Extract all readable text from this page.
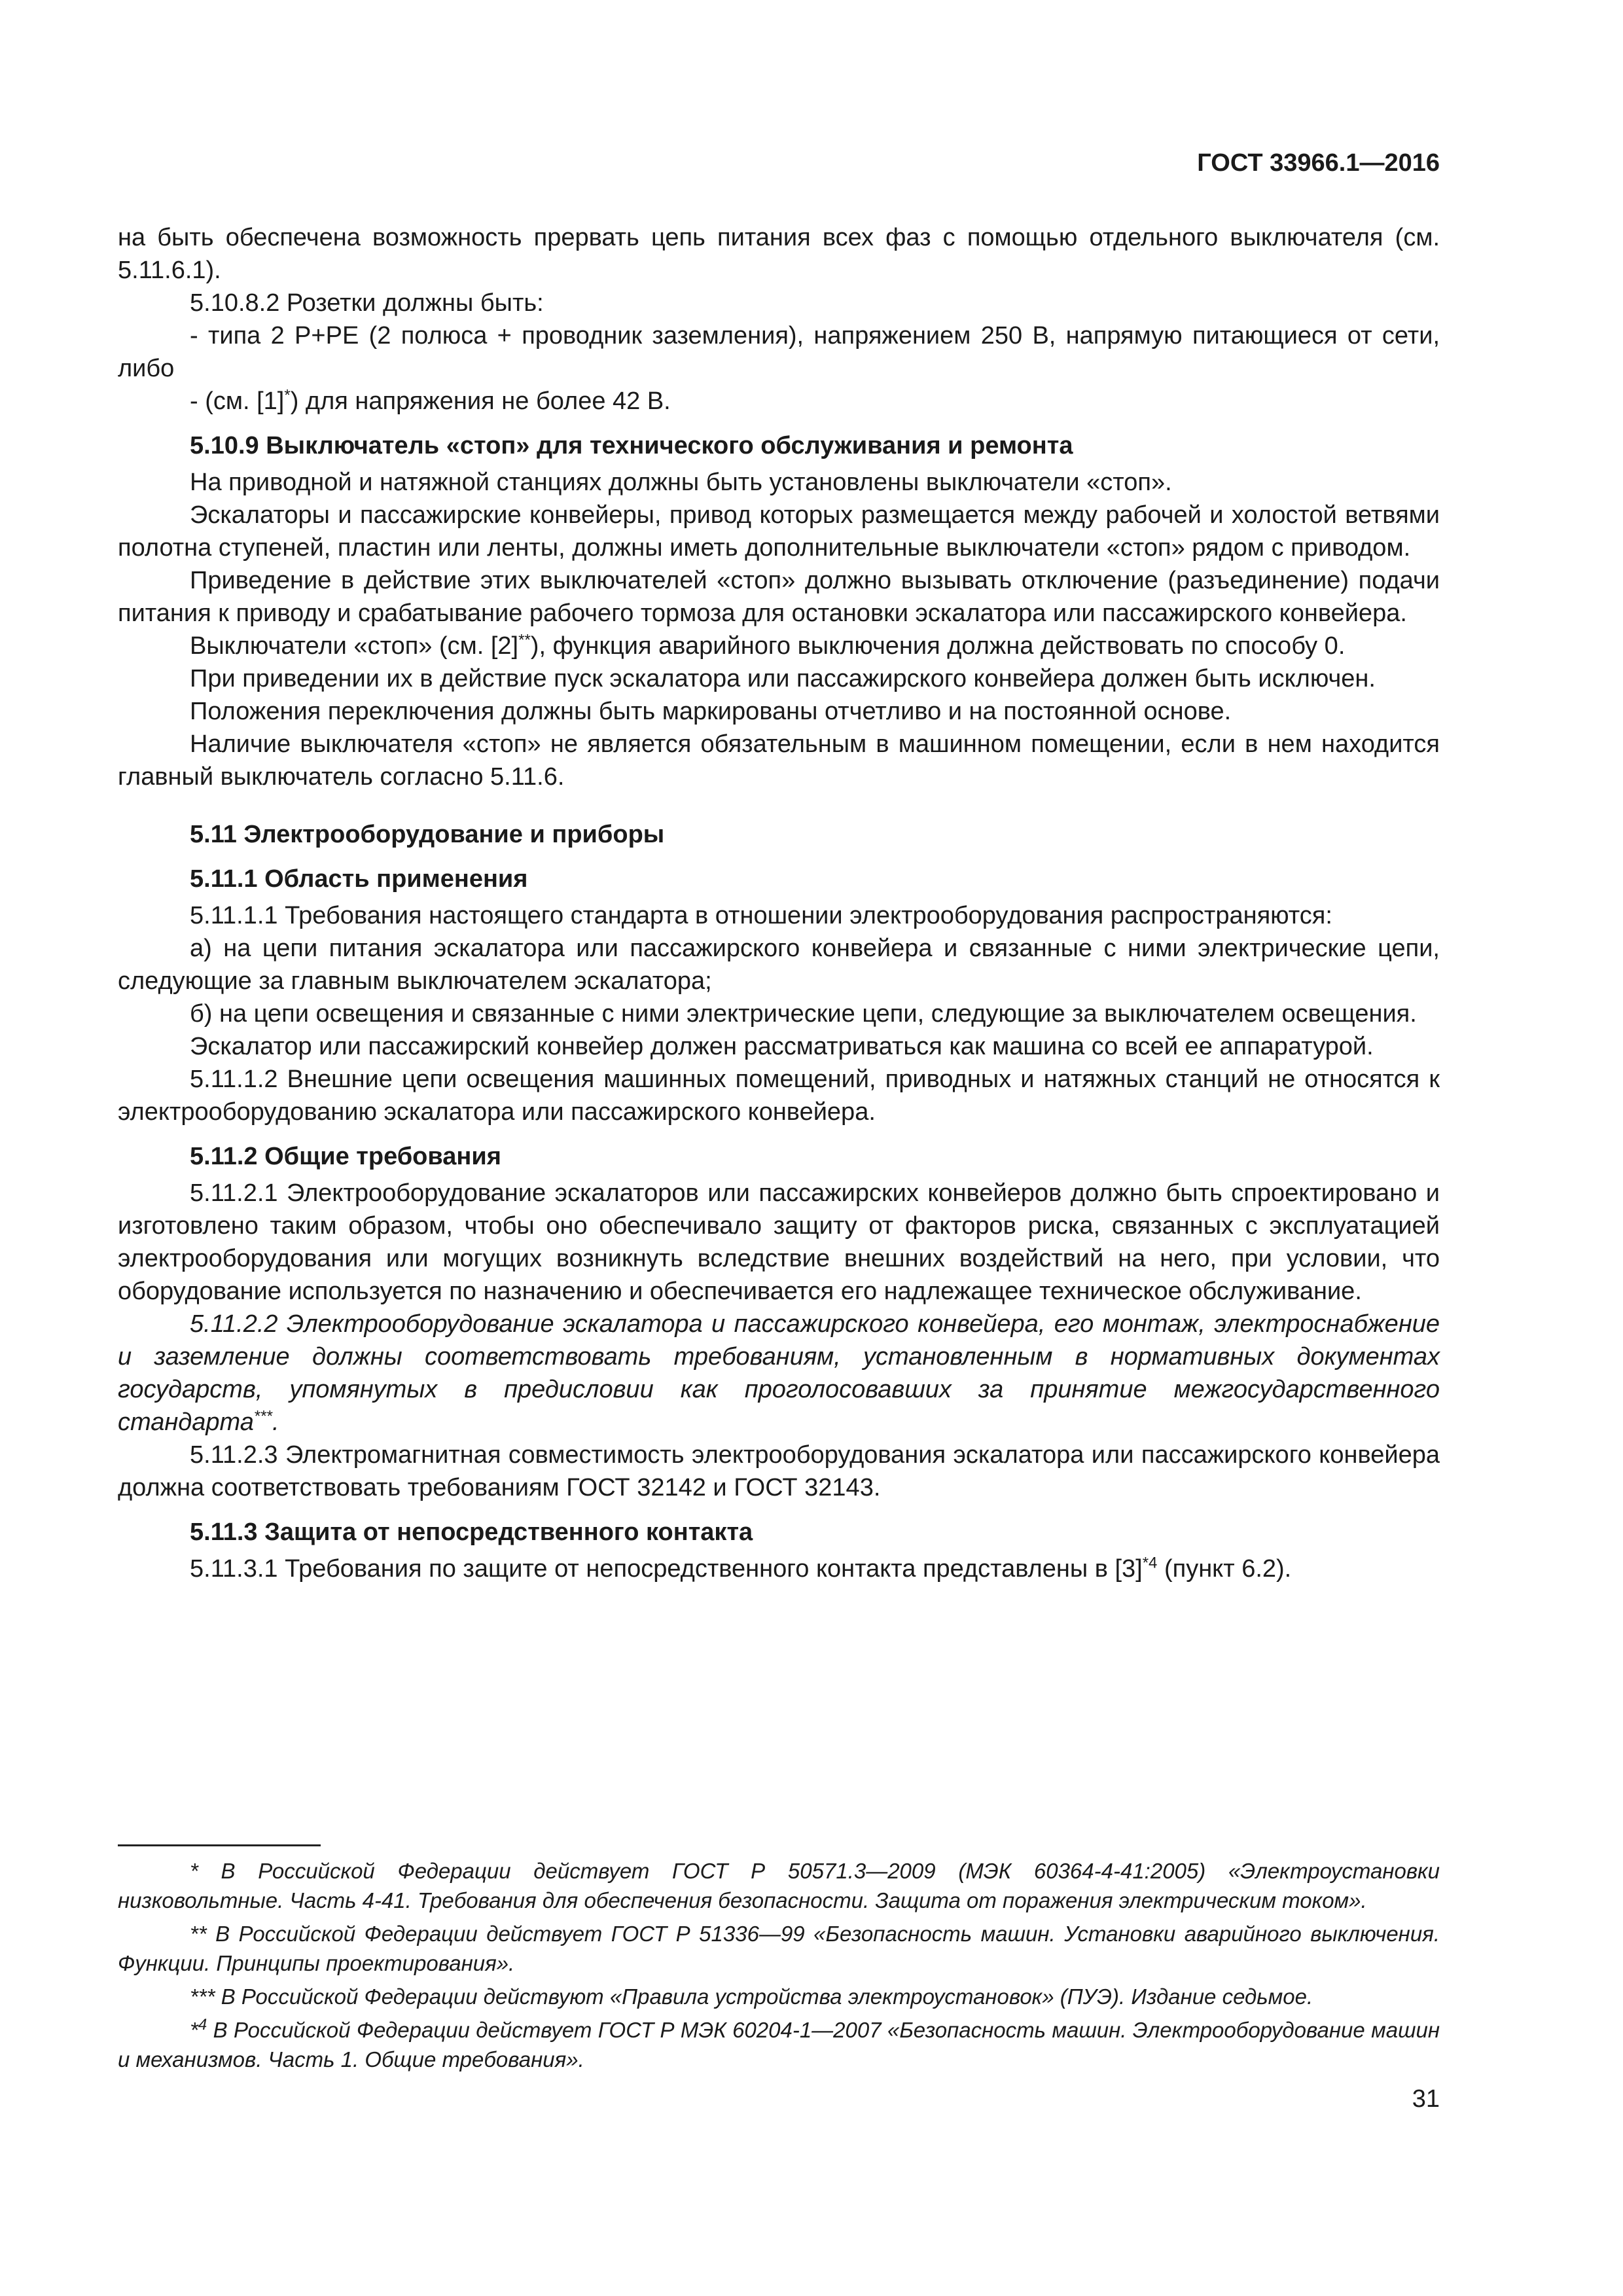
ГОСТ 33966.1—2016

на быть обеспечена возможность прервать цепь питания всех фаз с помощью отдельного выключателя (см. 5.11.6.1).

5.10.8.2 Розетки должны быть:

- типа 2 Р+РЕ (2 полюса + проводник заземления), напряжением 250 В, напрямую питающиеся от сети, либо

- (см. [1]*) для напряжения не более 42 В.

5.10.9 Выключатель «стоп» для технического обслуживания и ремонта

На приводной и натяжной станциях должны быть установлены выключатели «стоп».

Эскалаторы и пассажирские конвейеры, привод которых размещается между рабочей и холостой ветвями полотна ступеней, пластин или ленты, должны иметь дополнительные выключатели «стоп» рядом с приводом.

Приведение в действие этих выключателей «стоп» должно вызывать отключение (разъединение) подачи питания к приводу и срабатывание рабочего тормоза для остановки эскалатора или пассажирского конвейера.

Выключатели «стоп» (см. [2]**), функция аварийного выключения должна действовать по способу 0.

При приведении их в действие пуск эскалатора или пассажирского конвейера должен быть исключен.

Положения переключения должны быть маркированы отчетливо и на постоянной основе.

Наличие выключателя «стоп» не является обязательным в машинном помещении, если в нем находится главный выключатель согласно 5.11.6.

5.11 Электрооборудование и приборы

5.11.1 Область применения

5.11.1.1 Требования настоящего стандарта в отношении электрооборудования распространяются:

а) на цепи питания эскалатора или пассажирского конвейера и связанные с ними электрические цепи, следующие за главным выключателем эскалатора;

б) на цепи освещения и связанные с ними электрические цепи, следующие за выключателем освещения.

Эскалатор или пассажирский конвейер должен рассматриваться как машина со всей ее аппаратурой.

5.11.1.2 Внешние цепи освещения машинных помещений, приводных и натяжных станций не относятся к электрооборудованию эскалатора или пассажирского конвейера.

5.11.2 Общие требования

5.11.2.1 Электрооборудование эскалаторов или пассажирских конвейеров должно быть спроектировано и изготовлено таким образом, чтобы оно обеспечивало защиту от факторов риска, связанных с эксплуатацией электрооборудования или могущих возникнуть вследствие внешних воздействий на него, при условии, что оборудование используется по назначению и обеспечивается его надлежащее техническое обслуживание.

5.11.2.2 Электрооборудование эскалатора и пассажирского конвейера, его монтаж, электроснабжение и заземление должны соответствовать требованиям, установленным в нормативных документах государств, упомянутых в предисловии как проголосовавших за принятие межгосударственного стандарта***.

5.11.2.3 Электромагнитная совместимость электрооборудования эскалатора или пассажирского конвейера должна соответствовать требованиям ГОСТ 32142 и ГОСТ 32143.

5.11.3 Защита от непосредственного контакта

5.11.3.1 Требования по защите от непосредственного контакта представлены в $[3]^{*4}$ (пункт 6.2).

* В Российской Федерации действует ГОСТ Р 50571.3—2009 (МЭК 60364-4-41:2005) «Электроустановки низковольтные. Часть 4-41. Требования для обеспечения безопасности. Защита от поражения электрическим током».

** В Российской Федерации действует ГОСТ Р 51336—99 «Безопасность машин. Установки аварийного выключения. Функции. Принципы проектирования».

*** В Российской Федерации действуют «Правила устройства электроустановок» (ПУЭ). Издание седьмое.

*$^4$ В Российской Федерации действует ГОСТ Р МЭК 60204-1—2007 «Безопасность машин. Электрооборудование машин и механизмов. Часть 1. Общие требования».

31
